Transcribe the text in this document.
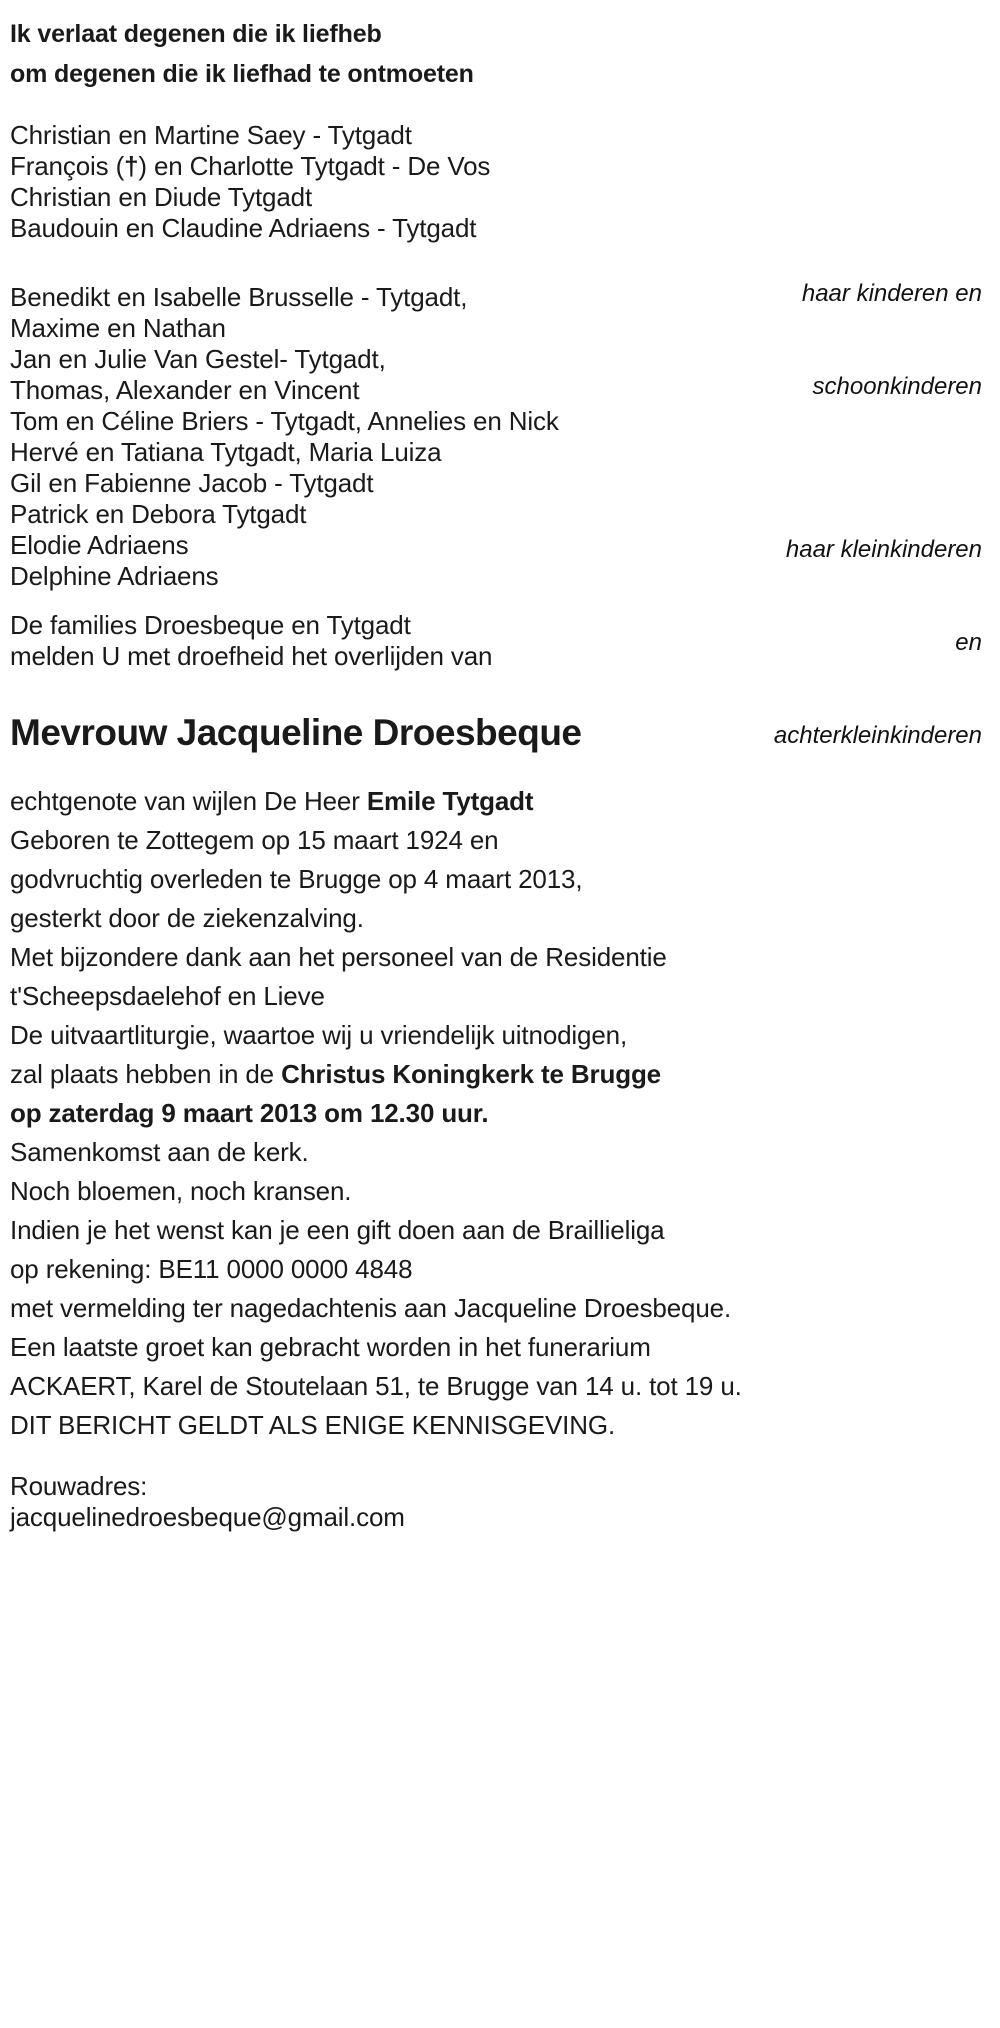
Ik verlaat degenen die ik liefheb
om degenen die ik liefhad te ontmoeten
Christian en Martine Saey - Tytgadt
François (†) en Charlotte Tytgadt - De Vos
Christian en Diude Tytgadt
Baudouin en Claudine Adriaens - Tytgadt

haar kinderen en

schoonkinderen

Benedikt en Isabelle Brusselle - Tytgadt,
Maxime en Nathan
Jan en Julie Van Gestel- Tytgadt,
Thomas, Alexander en Vincent
Tom en Céline Briers - Tytgadt, Annelies en Nick
Hervé en Tatiana Tytgadt, Maria Luiza
Gil en Fabienne Jacob - Tytgadt
Patrick en Debora Tytgadt
Elodie Adriaens
Delphine Adriaens

haar kleinkinderen

en

achterkleinkinderen

De families Droesbeque en Tytgadt
melden U met droefheid het overlijden van
Mevrouw Jacqueline Droesbeque
echtgenote van wijlen De Heer Emile Tytgadt
Geboren te Zottegem op 15 maart 1924 en
godvruchtig overleden te Brugge op 4 maart 2013,
gesterkt door de ziekenzalving.
Met bijzondere dank aan het personeel van de Residentie
t'Scheepsdaelehof en Lieve
De uitvaartliturgie, waartoe wij u vriendelijk uitnodigen,
zal plaats hebben in de Christus Koningkerk te Brugge
op zaterdag 9 maart 2013 om 12.30 uur.
Samenkomst aan de kerk.
Noch bloemen, noch kransen.
Indien je het wenst kan je een gift doen aan de Braillieliga
op rekening: BE11 0000 0000 4848
met vermelding ter nagedachtenis aan Jacqueline Droesbeque.
Een laatste groet kan gebracht worden in het funerarium
ACKAERT, Karel de Stoutelaan 51, te Brugge van 14 u. tot 19 u.
DIT BERICHT GELDT ALS ENIGE KENNISGEVING.
Rouwadres:
jacquelinedroesbeque@gmail.com
